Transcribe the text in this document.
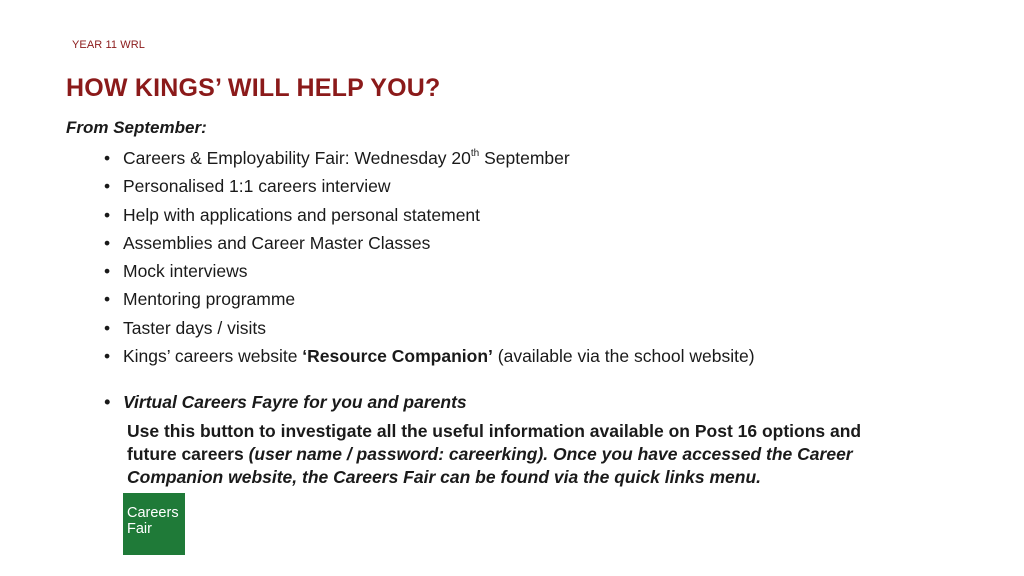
YEAR 11 WRL
HOW KINGS’ WILL HELP YOU?
From September:
• Careers & Employability Fair: Wednesday 20th September
• Personalised 1:1 careers interview
• Help with applications and personal statement
• Assemblies and Career Master Classes
• Mock interviews
• Mentoring programme
• Taster days / visits
• Kings’ careers website ‘Resource Companion’ (available via the school website)
• Virtual Careers Fayre for you and parents
Use this button to investigate all the useful information available on Post 16 options and
future careers (user name / password: careerking). Once you have accessed the Career
Companion website, the Careers Fair can be found via the quick links menu.
Careers
Fair
